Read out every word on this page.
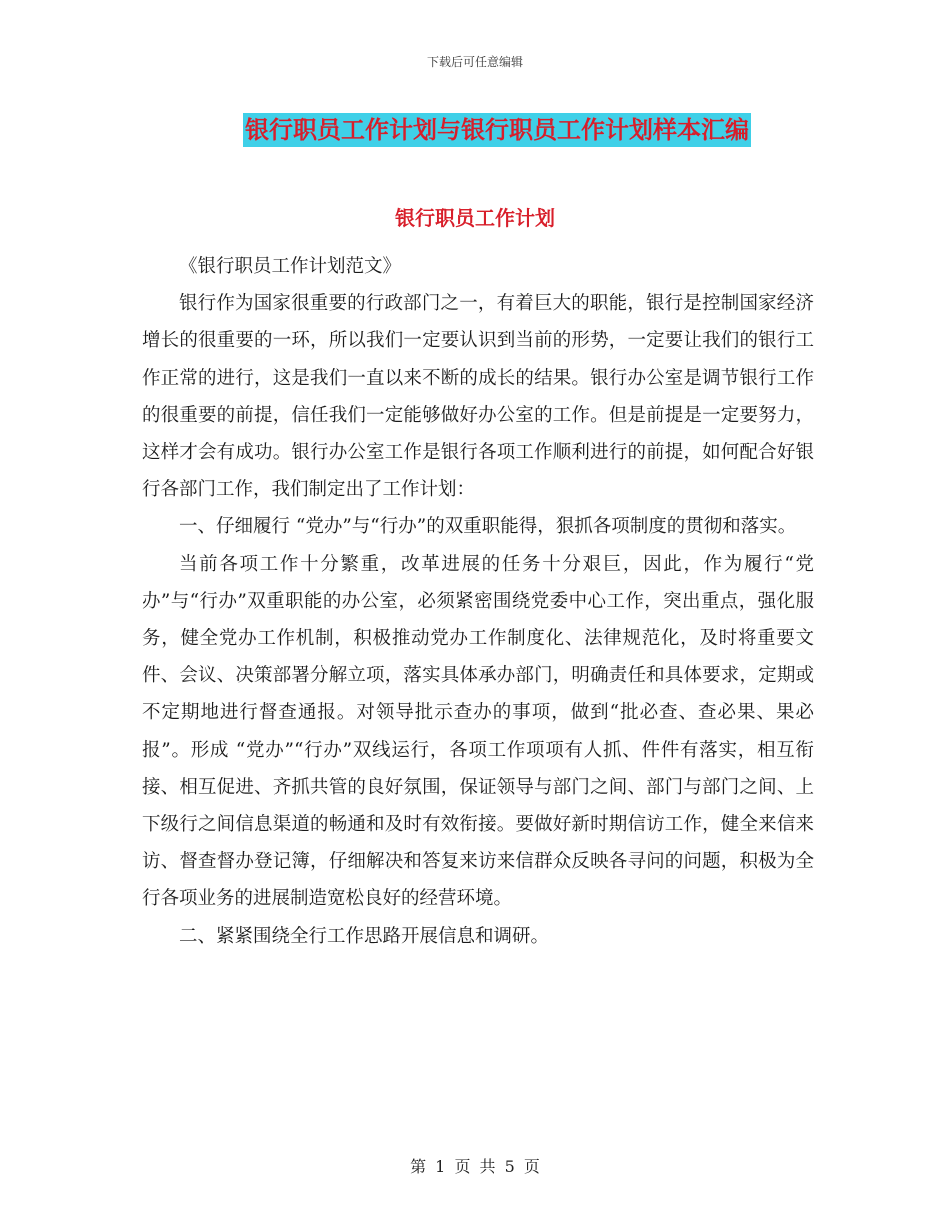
下载后可任意编辑
银行职员工作计划与银行职员工作计划样本汇编
银行职员工作计划

《银行职员工作计划范文》

银行作为国家很重要的行政部门之一，有着巨大的职能，银行是控制国家经济增长的很重要的一环，所以我们一定要认识到当前的形势，一定要让我们的银行工作正常的进行，这是我们一直以来不断的成长的结果。银行办公室是调节银行工作的很重要的前提，信任我们一定能够做好办公室的工作。但是前提是一定要努力，这样才会有成功。银行办公室工作是银行各项工作顺利进行的前提，如何配合好银行各部门工作，我们制定出了工作计划：

一、仔细履行 “党办”与“行办”的双重职能得，狠抓各项制度的贯彻和落实。

当前各项工作十分繁重，改革进展的任务十分艰巨，因此，作为履行“党办”与“行办”双重职能的办公室，必须紧密围绕党委中心工作，突出重点，强化服务，健全党办工作机制，积极推动党办工作制度化、法律规范化，及时将重要文件、会议、决策部署分解立项，落实具体承办部门，明确责任和具体要求，定期或不定期地进行督查通报。对领导批示查办的事项，做到“批必查、查必果、果必报”。形成 “党办”“行办”双线运行，各项工作项项有人抓、件件有落实，相互衔接、相互促进、齐抓共管的良好氛围，保证领导与部门之间、部门与部门之间、上下级行之间信息渠道的畅通和及时有效衔接。要做好新时期信访工作，健全来信来访、督查督办登记簿，仔细解决和答复来访来信群众反映各寻问的问题，积极为全行各项业务的进展制造宽松良好的经营环境。

二、紧紧围绕全行工作思路开展信息和调研。

第 1 页 共 5 页
